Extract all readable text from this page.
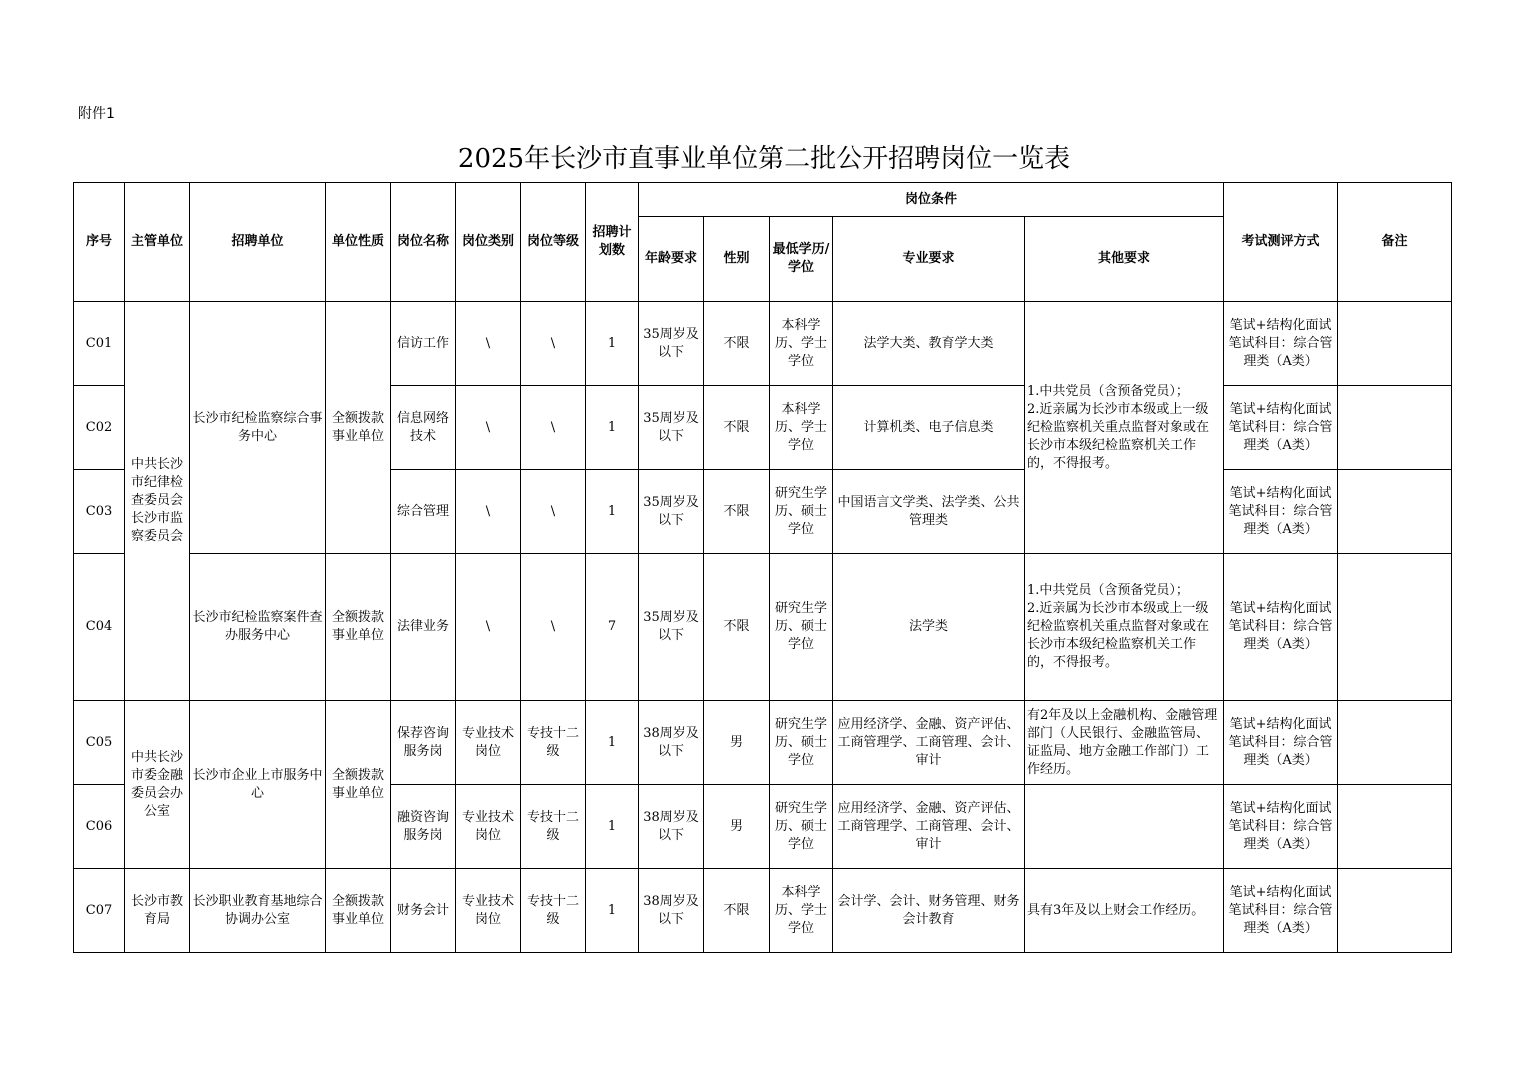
附件1
2025年长沙市直事业单位第二批公开招聘岗位一览表
序号	主管单位	招聘单位	单位性质	岗位名称	岗位类别	岗位等级	招聘计划数	岗位条件					考试测评方式	备注
								年龄要求	性别	最低学历/学位	专业要求	其他要求		
C01	中共长沙市纪律检查委员会长沙市监察委员会	长沙市纪检监察综合事务中心	全额拨款事业单位	信访工作	\	\	1	35周岁及以下	不限	本科学历、学士学位	法学大类、教育学大类	1.中共党员（含预备党员）；
2.近亲属为长沙市本级或上一级纪检监察机关重点监督对象或在长沙市本级纪检监察机关工作的，不得报考。	笔试+结构化面试笔试科目：综合管理类（A类）	
C02				信息网络技术	\	\	1	35周岁及以下	不限	本科学历、学士学位	计算机类、电子信息类		笔试+结构化面试笔试科目：综合管理类（A类）	
C03				综合管理	\	\	1	35周岁及以下	不限	研究生学历、硕士学位	中国语言文学类、法学类、公共管理类		笔试+结构化面试笔试科目：综合管理类（A类）	
C04		长沙市纪检监察案件查办服务中心	全额拨款事业单位	法律业务	\	\	7	35周岁及以下	不限	研究生学历、硕士学位	法学类	1.中共党员（含预备党员）；
2.近亲属为长沙市本级或上一级纪检监察机关重点监督对象或在长沙市本级纪检监察机关工作的，不得报考。	笔试+结构化面试笔试科目：综合管理类（A类）	
C05	中共长沙市委金融委员会办公室	长沙市企业上市服务中心	全额拨款事业单位	保荐咨询服务岗	专业技术岗位	专技十二级	1	38周岁及以下	男	研究生学历、硕士学位	应用经济学、金融、资产评估、工商管理学、工商管理、会计、审计	有2年及以上金融机构、金融管理部门（人民银行、金融监管局、证监局、地方金融工作部门）工作经历。	笔试+结构化面试笔试科目：综合管理类（A类）	
C06				融资咨询服务岗	专业技术岗位	专技十二级	1	38周岁及以下	男	研究生学历、硕士学位	应用经济学、金融、资产评估、工商管理学、工商管理、会计、审计		笔试+结构化面试笔试科目：综合管理类（A类）	
C07	长沙市教育局	长沙职业教育基地综合协调办公室	全额拨款事业单位	财务会计	专业技术岗位	专技十二级	1	38周岁及以下	不限	本科学历、学士学位	会计学、会计、财务管理、财务会计教育	具有3年及以上财会工作经历。	笔试+结构化面试笔试科目：综合管理类（A类）	
